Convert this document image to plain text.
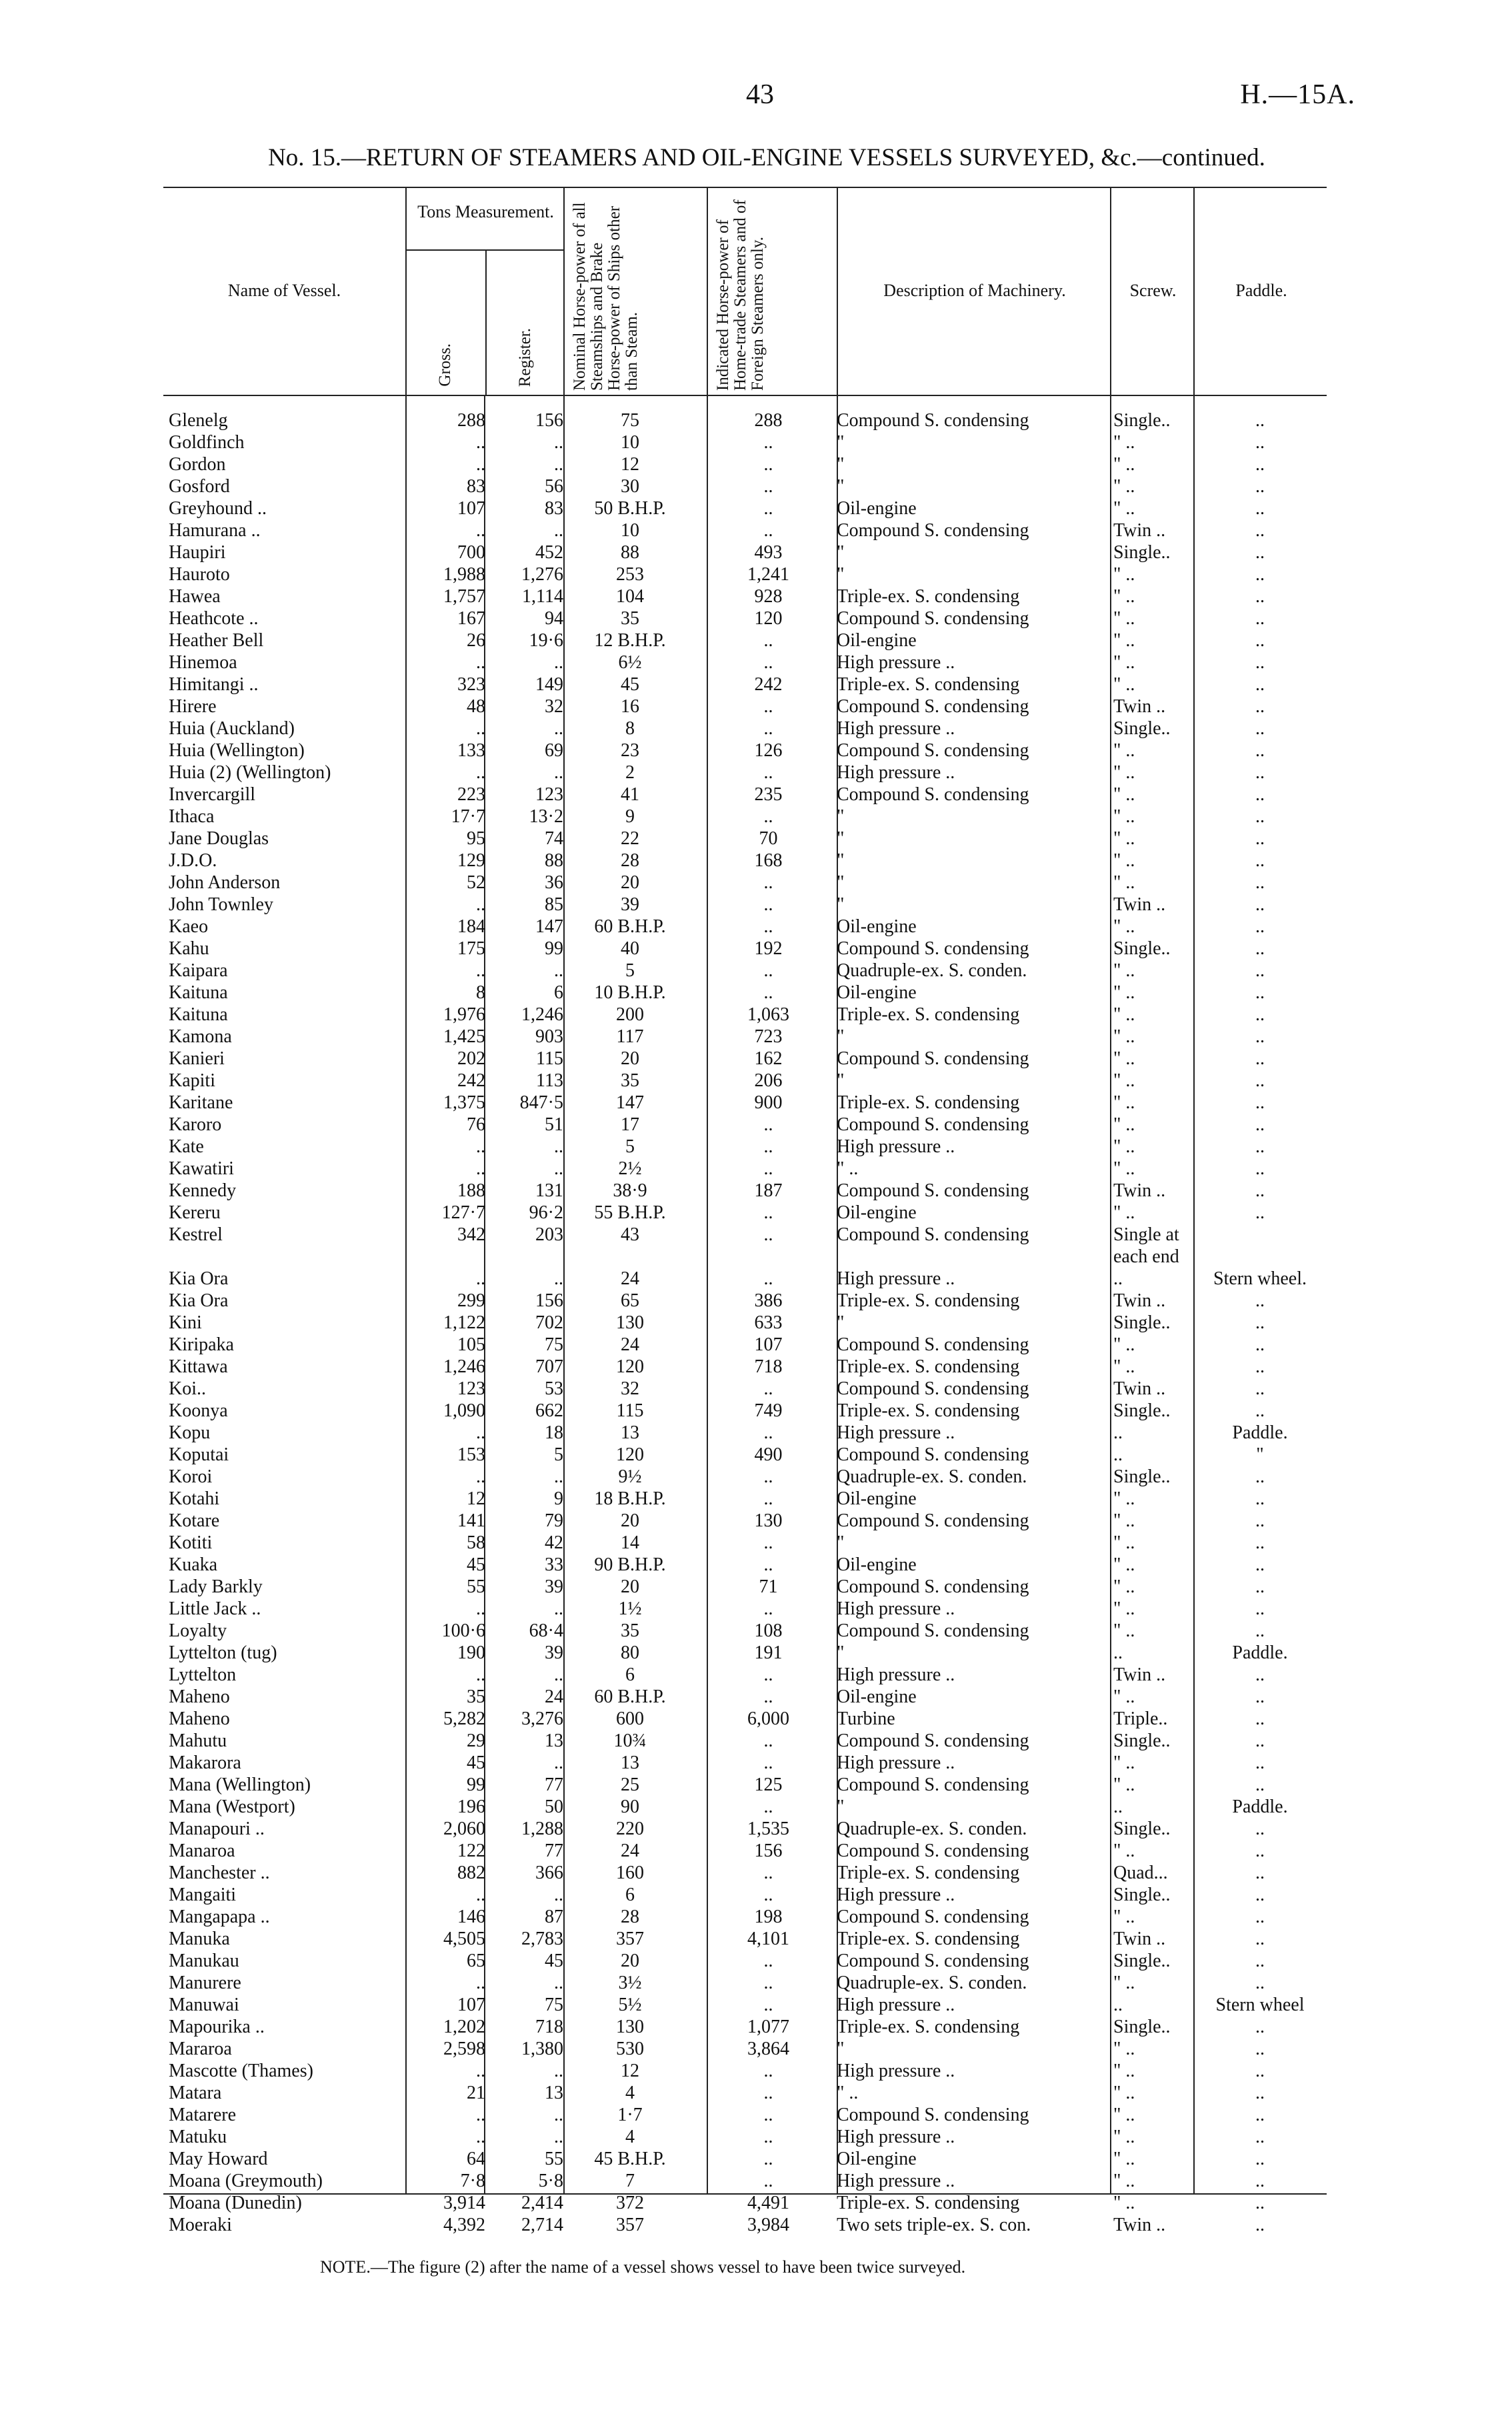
43	H.—15A.
No. 15.—RETURN OF STEAMERS AND OIL-ENGINE VESSELS SURVEYED, &c.—continued.
Name of Vessel.
Tons Measurement.
Gross.	Register. Nominal Horse-power of all Steamships and Brake Horse-power of Ships other than Steam.	Indicated Horse-power of Home-trade Steamers and of Foreign Steamers only.	Description of Machinery.	Screw.	Paddle.
Glenelg	288	156	75	288	Compound S. condensing	Single..	..
Goldfinch	..	..	10	..	"	" ..	..
Gordon	..	..	12	..	"	" ..	..
Gosford	83	56	30	..	"	" ..	..
Greyhound ..	107	83	50 B.H.P.	..	Oil-engine	" ..	..
Hamurana ..	..	..	10	..	Compound S. condensing	Twin ..	..
Haupiri	700	452	88	493	"	Single..	..
Hauroto	1,988	1,276	253	1,241	"	" ..	..
Hawea	1,757	1,114	104	928	Triple-ex. S. condensing	" ..	..
Heathcote ..	167	94	35	120	Compound S. condensing	" ..	..
Heather Bell	26	19·6	12 B.H.P.	..	Oil-engine	" ..	..
Hinemoa	..	..	6½	..	High pressure ..	" ..	..
Himitangi ..	323	149	45	242	Triple-ex. S. condensing	" ..	..
Hirere	48	32	16	..	Compound S. condensing	Twin ..	..
Huia (Auckland)	..	..	8	..	High pressure ..	Single..	..
Huia (Wellington)	133	69	23	126	Compound S. condensing	" ..	..
Huia (2) (Wellington)	..	..	2	..	High pressure ..	" ..	..
Invercargill	223	123	41	235	Compound S. condensing	" ..	..
Ithaca	17·7	13·2	9	..	"	" ..	..
Jane Douglas	95	74	22	70	"	" ..	..
J.D.O.	129	88	28	168	"	" ..	..
John Anderson	52	36	20	..	"	" ..	..
John Townley	..	85	39	..	"	Twin ..	..
Kaeo	184	147	60 B.H.P.	..	Oil-engine	" ..	..
Kahu	175	99	40	192	Compound S. condensing	Single..	..
Kaipara	..	..	5	..	Quadruple-ex. S. conden.	" ..	..
Kaituna	8	6	10 B.H.P.	..	Oil-engine	" ..	..
Kaituna	1,976	1,246	200	1,063	Triple-ex. S. condensing	" ..	..
Kamona	1,425	903	117	723	"	" ..	..
Kanieri	202	115	20	162	Compound S. condensing	" ..	..
Kapiti	242	113	35	206	"	" ..	..
Karitane	1,375	847·5	147	900	Triple-ex. S. condensing	" ..	..
Karoro	76	51	17	..	Compound S. condensing	" ..	..
Kate	..	..	5	..	High pressure ..	" ..	..
Kawatiri	..	..	2½	..	" ..	" ..	..
Kennedy	188	131	38·9	187	Compound S. condensing	Twin ..	..
Kereru	127·7	96·2	55 B.H.P.	..	Oil-engine	" ..	..
Kestrel	342	203	43	..	Compound S. condensing	Single at
each end
Kia Ora	..	..	24	..	High pressure ..	..	Stern wheel.
Kia Ora	299	156	65	386	Triple-ex. S. condensing	Twin ..	..
Kini	1,122	702	130	633	"	Single..	..
Kiripaka	105	75	24	107	Compound S. condensing	" ..	..
Kittawa	1,246	707	120	718	Triple-ex. S. condensing	" ..	..
Koi..	123	53	32	..	Compound S. condensing	Twin ..	..
Koonya	1,090	662	115	749	Triple-ex. S. condensing	Single..	..
Kopu	..	18	13	..	High pressure ..	..	Paddle.
Koputai	153	5	120	490	Compound S. condensing	..	"
Koroi	..	..	9½	..	Quadruple-ex. S. conden.	Single..	..
Kotahi	12	9	18 B.H.P.	..	Oil-engine	" ..	..
Kotare	141	79	20	130	Compound S. condensing	" ..	..
Kotiti	58	42	14	..	"	" ..	..
Kuaka	45	33	90 B.H.P.	..	Oil-engine	" ..	..
Lady Barkly	55	39	20	71	Compound S. condensing	" ..	..
Little Jack ..	..	..	1½	..	High pressure ..	" ..	..
Loyalty	100·6	68·4	35	108	Compound S. condensing	" ..	..
Lyttelton (tug)	190	39	80	191	"	..	Paddle.
Lyttelton	..	..	6	..	High pressure ..	Twin ..	..
Maheno	35	24	60 B.H.P.	..	Oil-engine	" ..	..
Maheno	5,282	3,276	600	6,000	Turbine	Triple..	..
Mahutu	29	13	10¾	..	Compound S. condensing	Single..	..
Makarora	45	..	13	..	High pressure ..	" ..	..
Mana (Wellington)	99	77	25	125	Compound S. condensing	" ..	..
Mana (Westport)	196	50	90	..	"	..	Paddle.
Manapouri ..	2,060	1,288	220	1,535	Quadruple-ex. S. conden.	Single..	..
Manaroa	122	77	24	156	Compound S. condensing	" ..	..
Manchester ..	882	366	160	..	Triple-ex. S. condensing	Quad...	..
Mangaiti	..	..	6	..	High pressure ..	Single..	..
Mangapapa ..	146	87	28	198	Compound S. condensing	" ..	..
Manuka	4,505	2,783	357	4,101	Triple-ex. S. condensing	Twin ..	..
Manukau	65	45	20	..	Compound S. condensing	Single..	..
Manurere	..	..	3½	..	Quadruple-ex. S. conden.	" ..	..
Manuwai	107	75	5½	..	High pressure ..	..	Stern wheel
Mapourika ..	1,202	718	130	1,077	Triple-ex. S. condensing	Single..	..
Mararoa	2,598	1,380	530	3,864	"	" ..	..
Mascotte (Thames)	..	..	12	..	High pressure ..	" ..	..
Matara	21	13	4	..	" ..	" ..	..
Matarere	..	..	1·7	..	Compound S. condensing	" ..	..
Matuku	..	..	4	..	High pressure ..	" ..	..
May Howard	64	55	45 B.H.P.	..	Oil-engine	" ..	..
Moana (Greymouth)	7·8	5·8	7	..	High pressure ..	" ..	..
Moana (Dunedin)	3,914	2,414	372	4,491	Triple-ex. S. condensing	" ..	..
Moeraki	4,392	2,714	357	3,984	Two sets triple-ex. S. con.	Twin ..	..
NOTE.—The figure (2) after the name of a vessel shows vessel to have been twice surveyed.
